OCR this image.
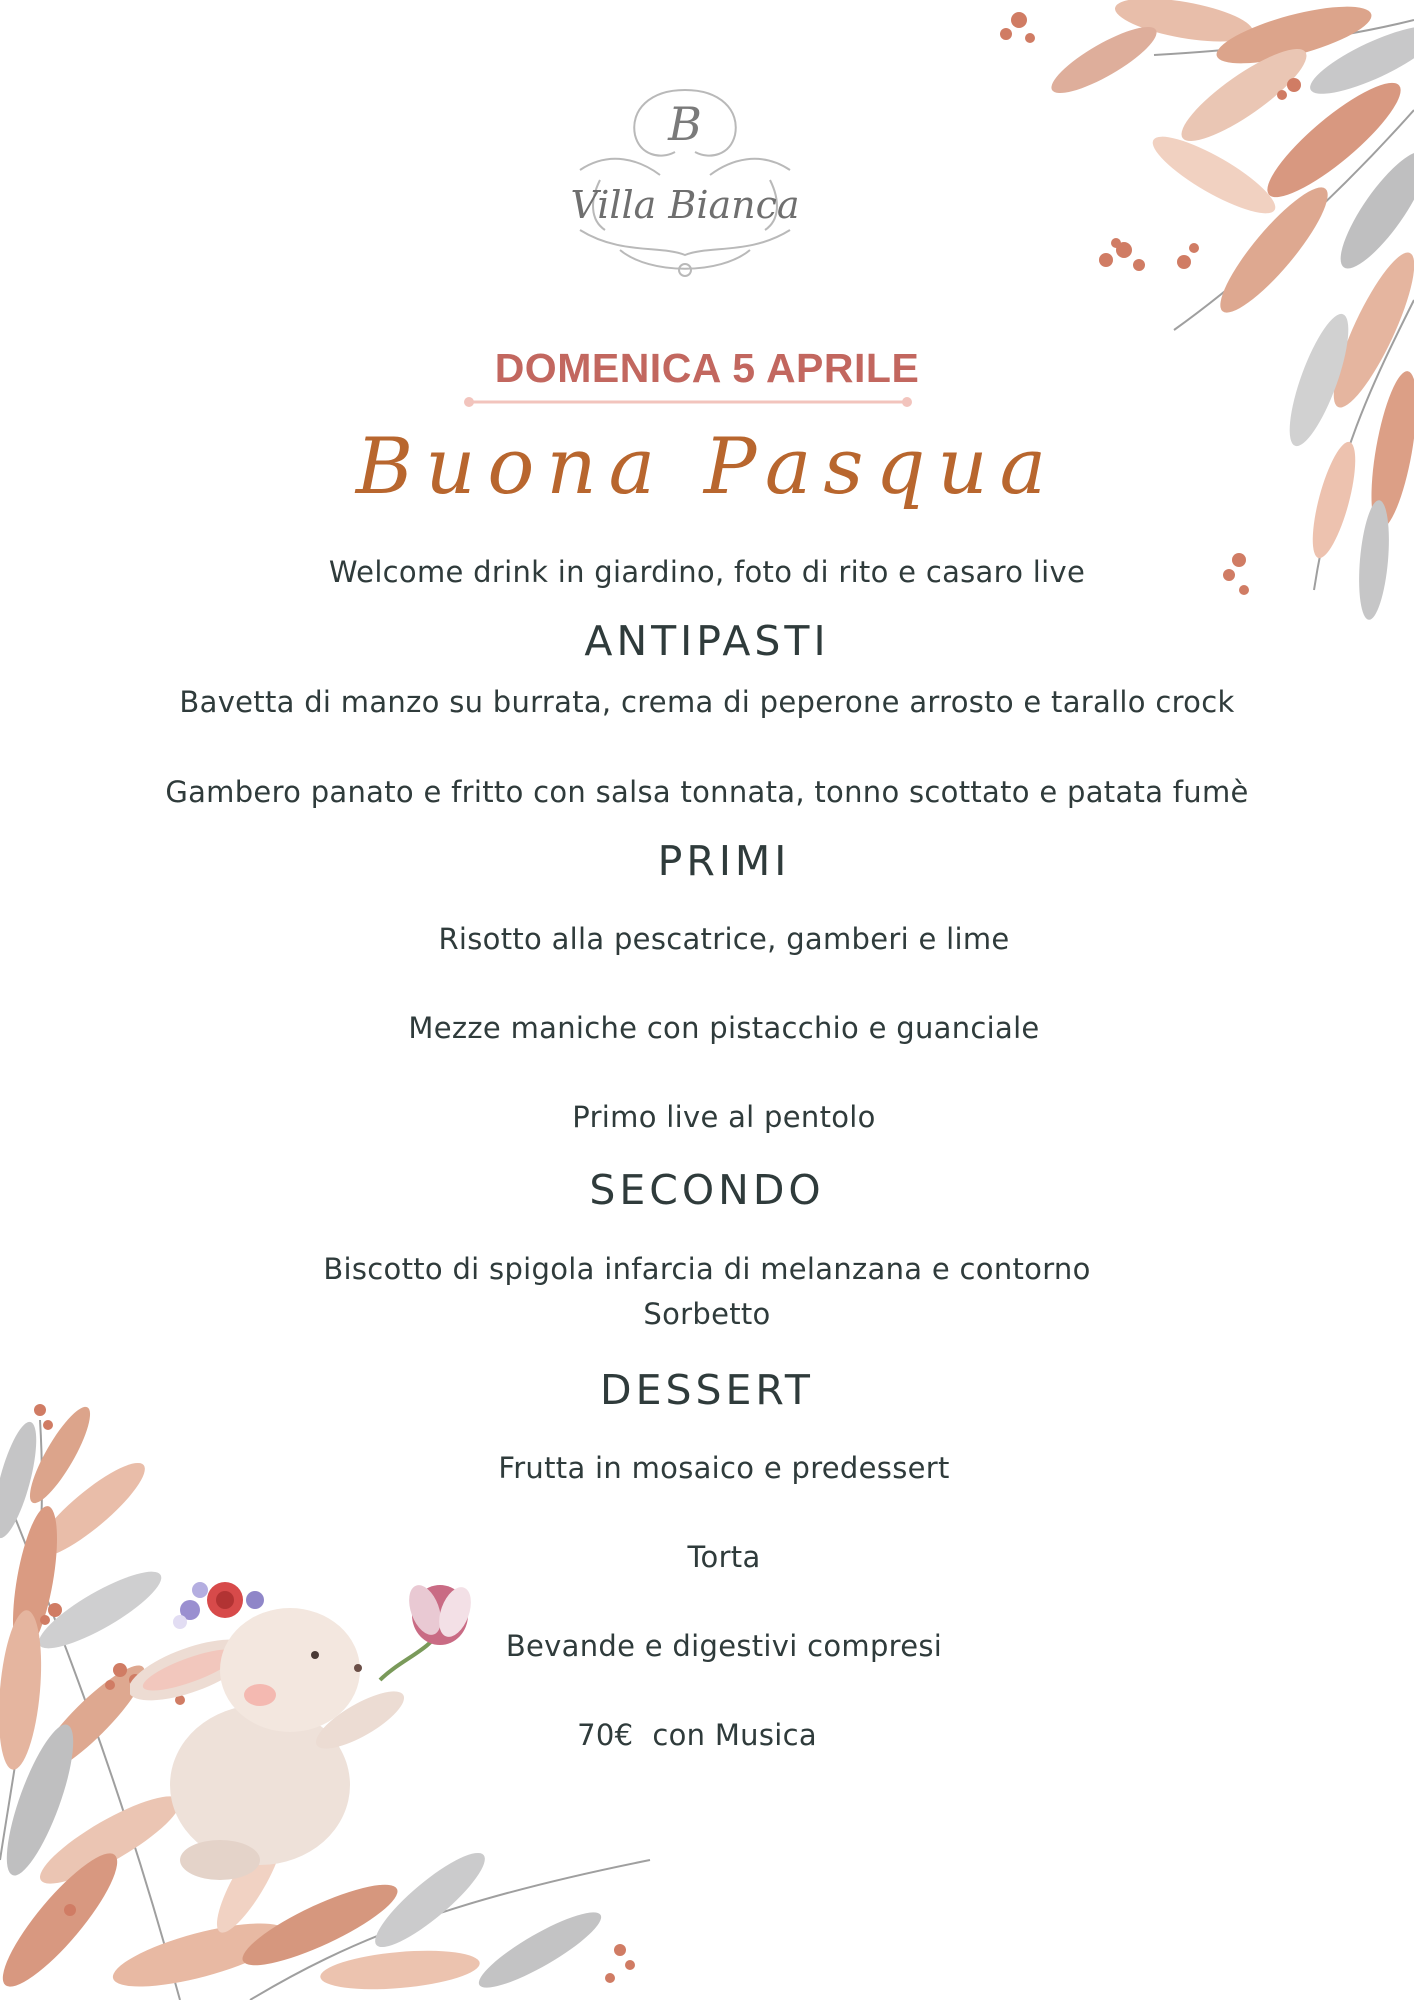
B
Villa Bianca
DOMENICA 5 APRILE
Buona Pasqua
Welcome drink in giardino, foto di rito e casaro live
ANTIPASTI
Bavetta di manzo su burrata, crema di peperone arrosto e tarallo crock
Gambero panato e fritto con salsa tonnata, tonno scottato e patata fumè
PRIMI
Risotto alla pescatrice, gamberi e lime
Mezze maniche con pistacchio e guanciale
Primo live al pentolo
SECONDO
Biscotto di spigola infarcia di melanzana e contorno
Sorbetto
DESSERT
Frutta in mosaico e predessert
Torta
Bevande e digestivi compresi
70€  con Musica
